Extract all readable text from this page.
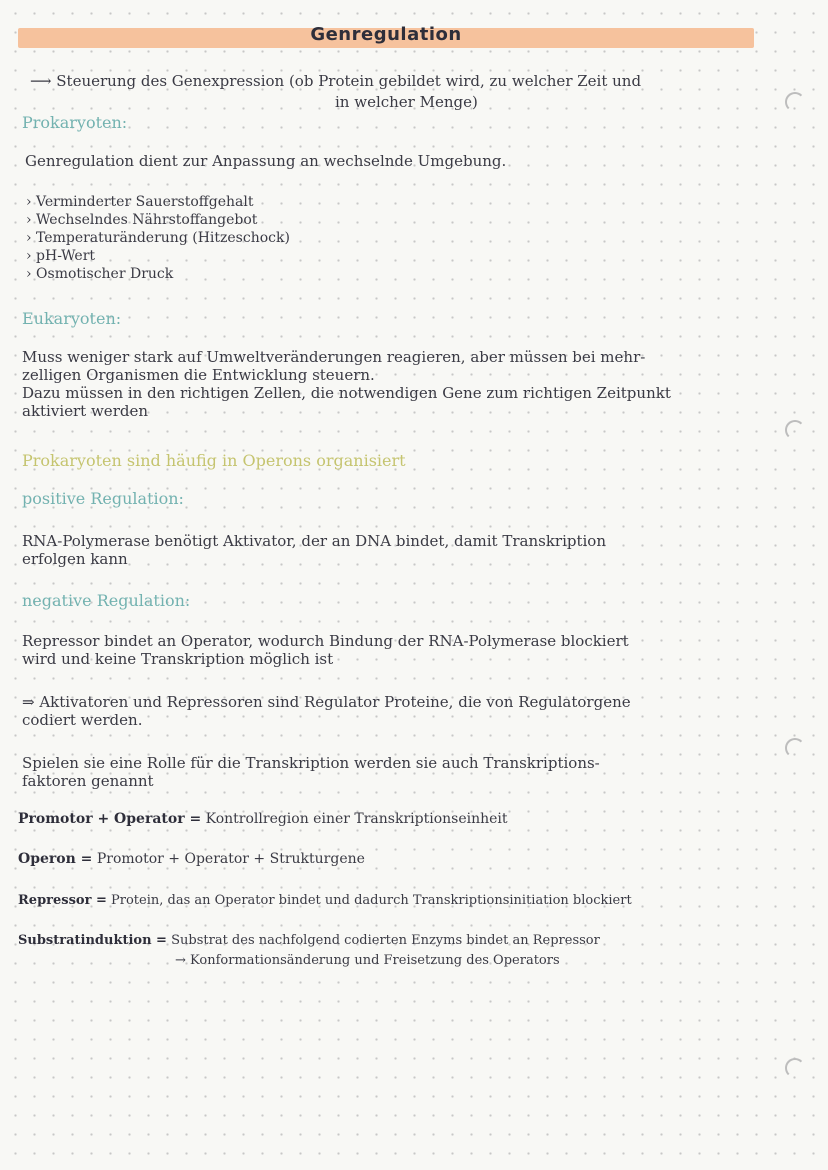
Genregulation
⟶ Steuerung des Genexpression (ob Protein gebildet wird, zu welcher Zeit und
in welcher Menge)
Prokaryoten:
Genregulation dient zur Anpassung an wechselnde Umgebung.
› Verminderter Sauerstoffgehalt
› Wechselndes Nährstoffangebot
› Temperaturänderung (Hitzeschock)
› pH-Wert
› Osmotischer Druck
Eukaryoten:
Muss weniger stark auf Umweltveränderungen reagieren, aber müssen bei mehr-
zelligen Organismen die Entwicklung steuern.
Dazu müssen in den richtigen Zellen, die notwendigen Gene zum richtigen Zeitpunkt
aktiviert werden
Prokaryoten sind häufig in Operons organisiert
positive Regulation:
RNA-Polymerase benötigt Aktivator, der an DNA bindet, damit Transkription
erfolgen kann
negative Regulation:
Repressor bindet an Operator, wodurch Bindung der RNA-Polymerase blockiert
wird und keine Transkription möglich ist
⇒ Aktivatoren und Repressoren sind Regulator Proteine, die von Regulatorgene
codiert werden.
Spielen sie eine Rolle für die Transkription werden sie auch Transkriptions-
faktoren genannt
Promotor + Operator = Kontrollregion einer Transkriptionseinheit
Operon = Promotor + Operator + Strukturgene
Repressor = Protein, das an Operator bindet und dadurch Transkriptionsinitiation blockiert
Substratinduktion = Substrat des nachfolgend codierten Enzyms bindet an Repressor
→ Konformationsänderung und Freisetzung des Operators
